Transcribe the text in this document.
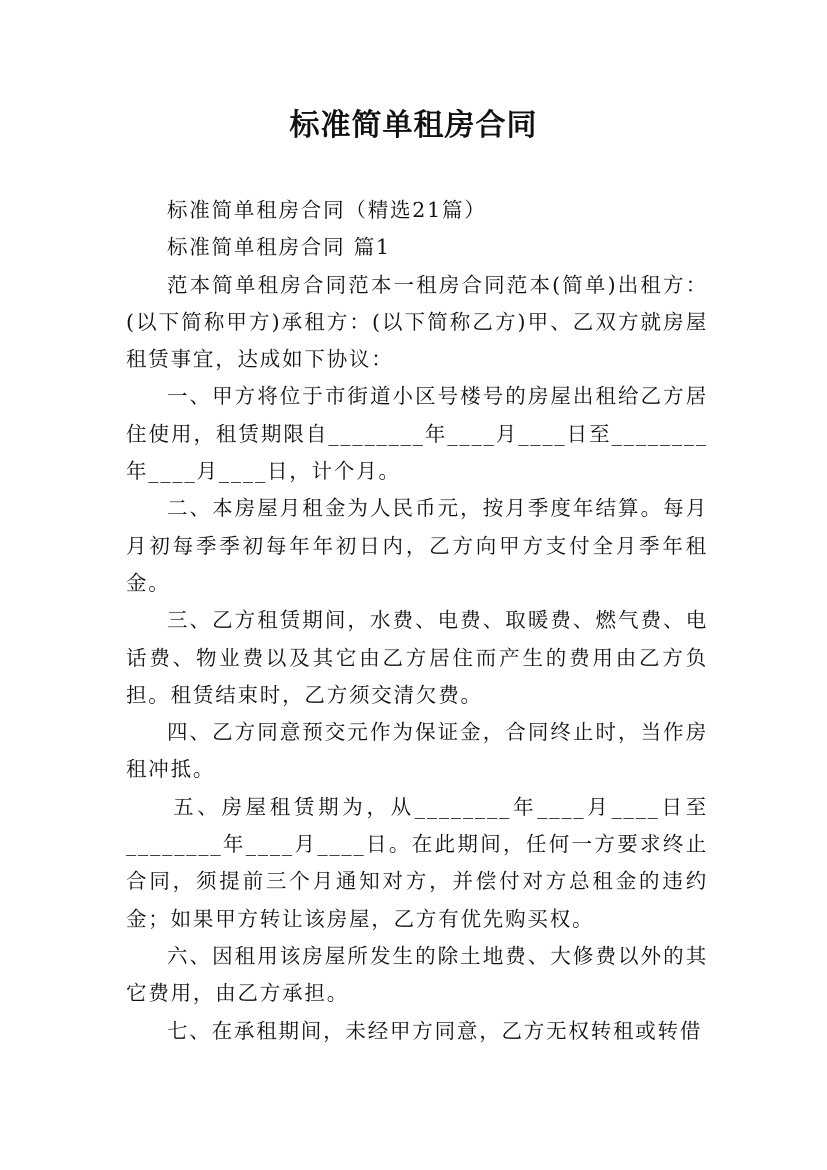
标准简单租房合同

标准简单租房合同（精选21篇）

标准简单租房合同 篇1

范本简单租房合同范本一租房合同范本(简单)出租方：(以下简称甲方)承租方：(以下简称乙方)甲、乙双方就房屋租赁事宜，达成如下协议：

一、甲方将位于市街道小区号楼号的房屋出租给乙方居住使用，租赁期限自________年____月____日至________年____月____日，计个月。

二、本房屋月租金为人民币元，按月季度年结算。每月月初每季季初每年年初日内，乙方向甲方支付全月季年租金。

三、乙方租赁期间，水费、电费、取暖费、燃气费、电话费、物业费以及其它由乙方居住而产生的费用由乙方负担。租赁结束时，乙方须交清欠费。

四、乙方同意预交元作为保证金，合同终止时，当作房租冲抵。

五、房屋租赁期为，从________年____月____日至________年____月____日。在此期间，任何一方要求终止合同，须提前三个月通知对方，并偿付对方总租金的违约金；如果甲方转让该房屋，乙方有优先购买权。

六、因租用该房屋所发生的除土地费、大修费以外的其它费用，由乙方承担。

七、在承租期间，未经甲方同意，乙方无权转租或转借
